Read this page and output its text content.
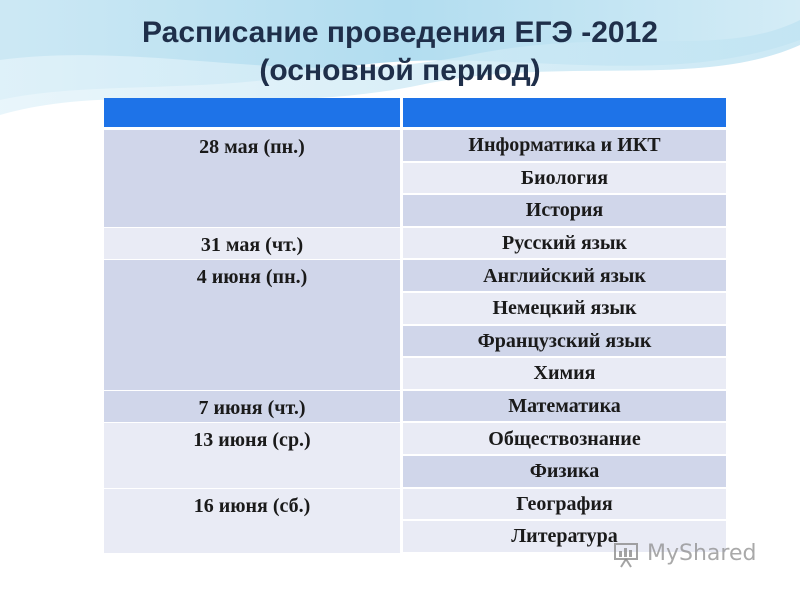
Расписание проведения ЕГЭ -2012
(основной период)

28 мая (пн.)	Информатика и ИКТ
	Биология
	История
31 мая (чт.)	Русский язык
4 июня (пн.)	Английский язык
	Немецкий язык
	Французский язык
	Химия
7 июня (чт.)	Математика
13 июня (ср.)	Обществознание
	Физика
16 июня (сб.)	География
	Литература
MyShared
